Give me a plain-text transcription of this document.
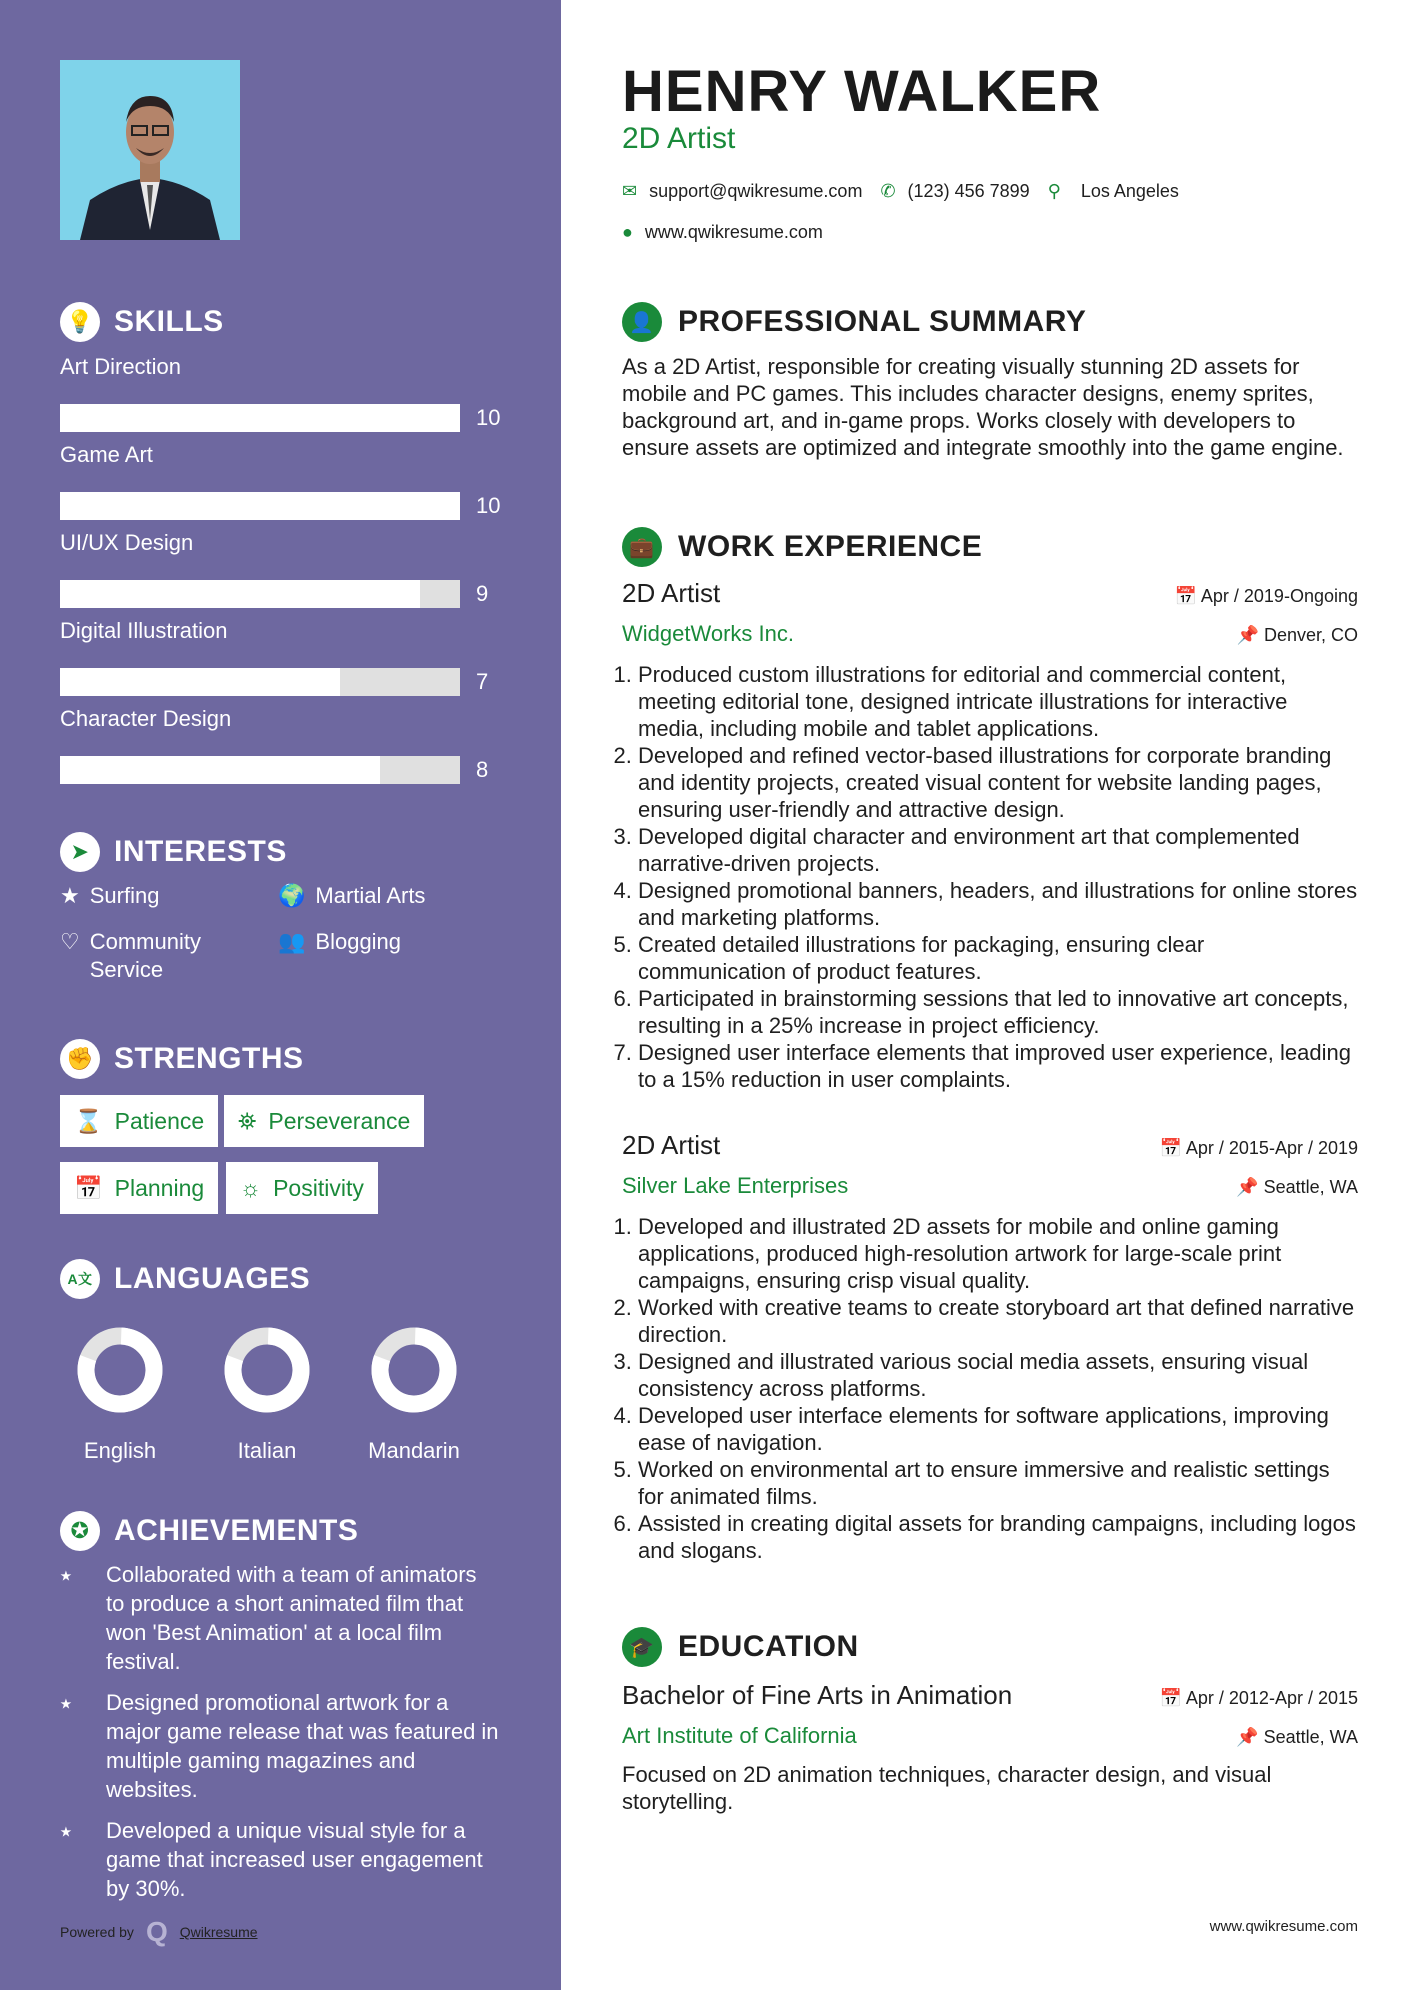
💡 SKILLS
Art Direction
10
Game Art
10
UI/UX Design
9
Digital Illustration
7
Character Design
8
➤ INTERESTS
★ Surfing	🌍 Martial Arts
♡ Community Service
👥 Blogging
✊ STRENGTHS
⌛ Patience ⛯ Perseverance
📅 Planning ☼ Positivity
A文 LANGUAGES
English	Italian	Mandarin
✪ ACHIEVEMENTS
⭑	Collaborated with a team of animators to produce a short animated film that won 'Best Animation' at a local film festival.
⭑	Designed promotional artwork for a major game release that was featured in multiple gaming magazines and websites.
⭑	Developed a unique visual style for a game that increased user engagement by 30%.
Powered by Q Qwikresume
HENRY WALKER
2D Artist
✉ support@qwikresume.com ✆ (123) 456 7899 ⚲ Los Angeles
● www.qwikresume.com
👤 PROFESSIONAL SUMMARY
As a 2D Artist, responsible for creating visually stunning 2D assets for mobile and PC games. This includes character designs, enemy sprites, background art, and in-game props. Works closely with developers to ensure assets are optimized and integrate smoothly into the game engine.
💼 WORK EXPERIENCE
2D Artist	📅 Apr / 2019-Ongoing
WidgetWorks Inc.	📌 Denver, CO
1. Produced custom illustrations for editorial and commercial content, meeting editorial tone, designed intricate illustrations for interactive media, including mobile and tablet applications.
2. Developed and refined vector-based illustrations for corporate branding and identity projects, created visual content for website landing pages, ensuring user-friendly and attractive design.
3. Developed digital character and environment art that complemented narrative-driven projects.
4. Designed promotional banners, headers, and illustrations for online stores and marketing platforms.
5. Created detailed illustrations for packaging, ensuring clear communication of product features.
6. Participated in brainstorming sessions that led to innovative art concepts, resulting in a 25% increase in project efficiency.
7. Designed user interface elements that improved user experience, leading to a 15% reduction in user complaints.
2D Artist	📅 Apr / 2015-Apr / 2019
Silver Lake Enterprises	📌 Seattle, WA
1. Developed and illustrated 2D assets for mobile and online gaming applications, produced high-resolution artwork for large-scale print campaigns, ensuring crisp visual quality.
2. Worked with creative teams to create storyboard art that defined narrative direction.
3. Designed and illustrated various social media assets, ensuring visual consistency across platforms.
4. Developed user interface elements for software applications, improving ease of navigation.
5. Worked on environmental art to ensure immersive and realistic settings for animated films.
6. Assisted in creating digital assets for branding campaigns, including logos and slogans.
🎓 EDUCATION
Bachelor of Fine Arts in Animation	📅 Apr / 2012-Apr / 2015
Art Institute of California	📌 Seattle, WA
Focused on 2D animation techniques, character design, and visual storytelling.
www.qwikresume.com
